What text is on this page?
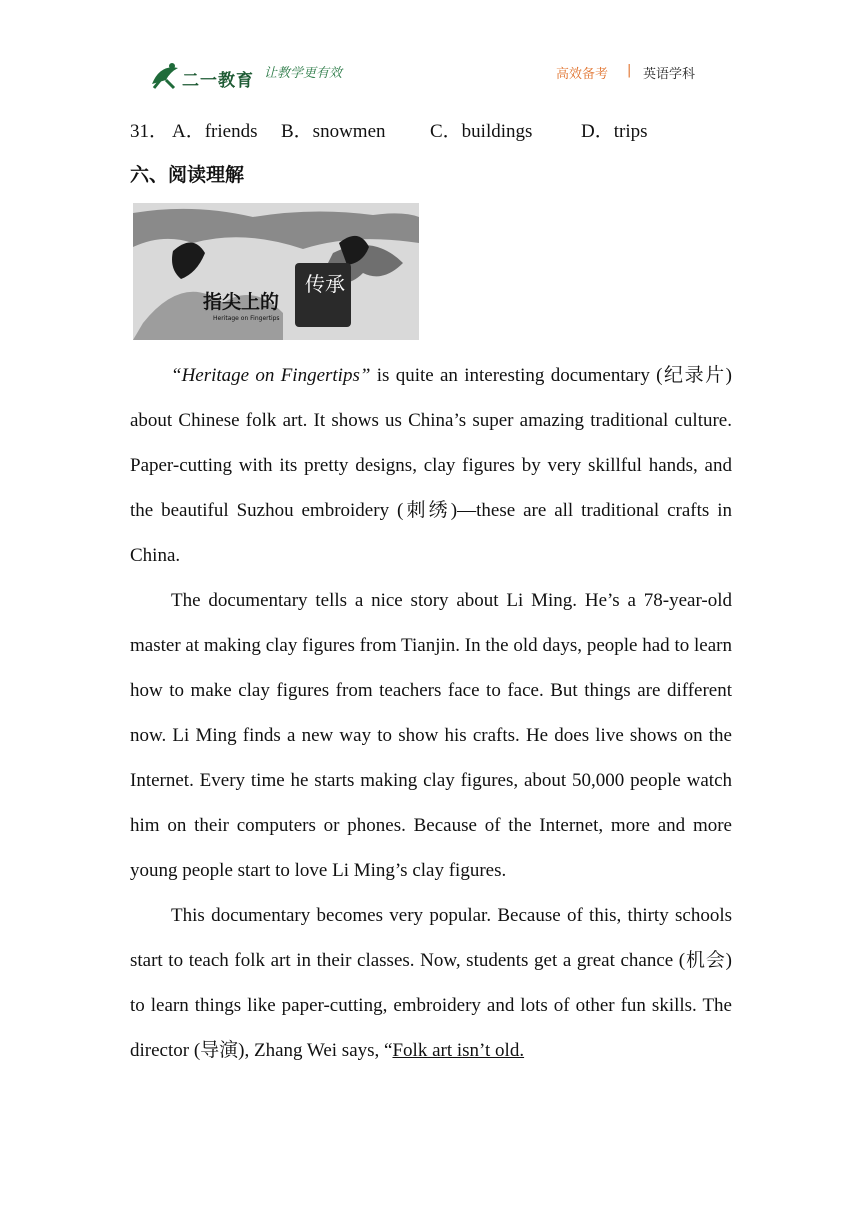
二一教育 让教学更有效	高效备考 | 英语学科
31． A．friends B．snowmen C．buildings	D．trips
六、阅读理解
指尖上的
传承
Heritage on Fingertips

“Heritage on Fingertips” is quite an interesting documentary (纪录片) about Chinese folk art. It shows us China’s super amazing traditional culture. Paper-cutting with its pretty designs, clay figures by very skillful hands, and the beautiful Suzhou embroidery (刺绣)—these are all traditional crafts in China.

The documentary tells a nice story about Li Ming. He’s a 78-year-old master at making clay figures from Tianjin. In the old days, people had to learn how to make clay figures from teachers face to face. But things are different now. Li Ming finds a new way to show his crafts. He does live shows on the Internet. Every time he starts making clay figures, about 50,000 people watch him on their computers or phones. Because of the Internet, more and more young people start to love Li Ming’s clay figures.

This documentary becomes very popular. Because of this, thirty schools start to teach folk art in their classes. Now, students get a great chance (机会) to learn things like paper-cutting, embroidery and lots of other fun skills. The director (导演), Zhang Wei says, “Folk art isn’t old.
